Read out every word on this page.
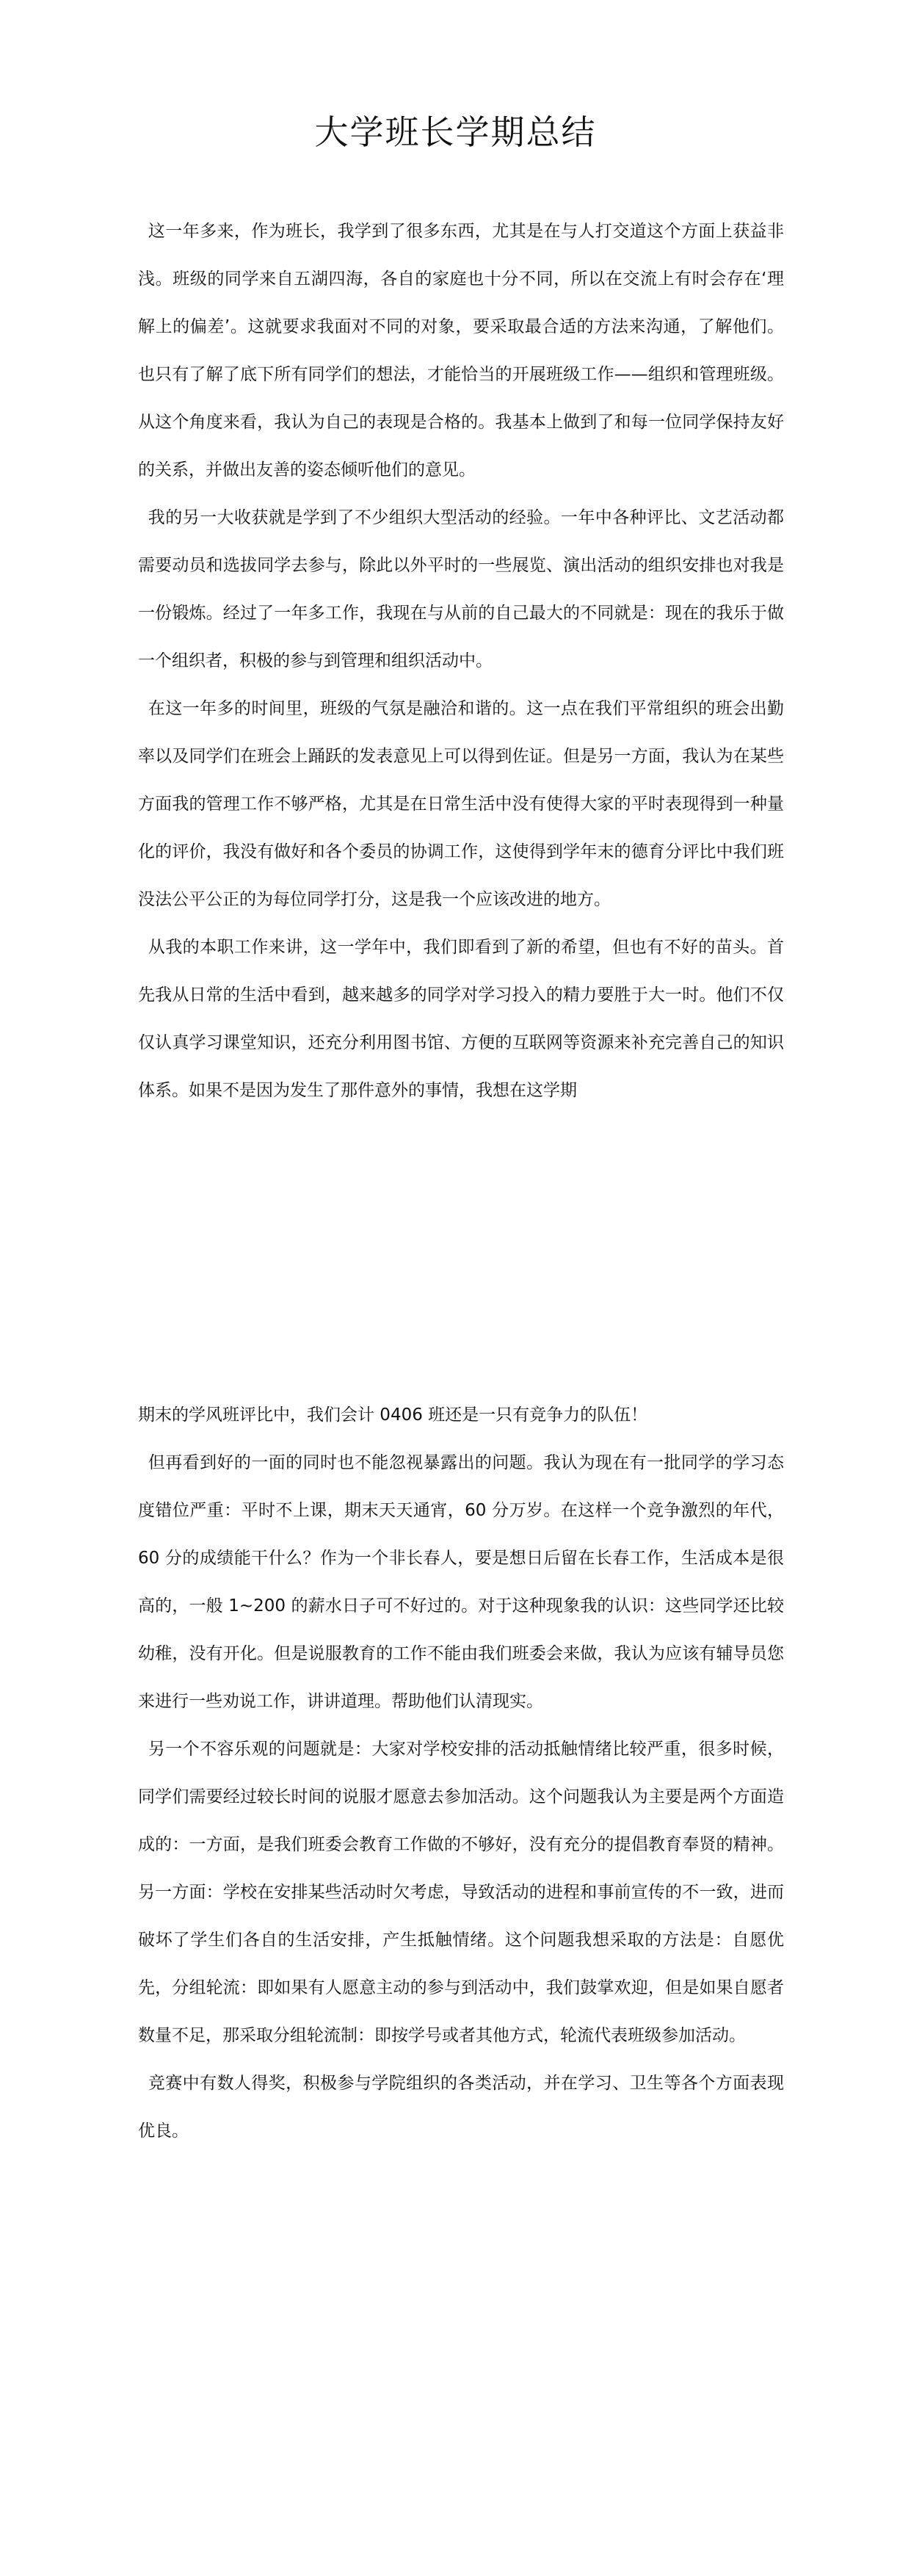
大学班长学期总结

这一年多来，作为班长，我学到了很多东西，尤其是在与人打交道这个方面上获益非浅。班级的同学来自五湖四海，各自的家庭也十分不同，所以在交流上有时会存在‘理解上的偏差’。这就要求我面对不同的对象，要采取最合适的方法来沟通，了解他们。也只有了解了底下所有同学们的想法，才能恰当的开展班级工作——组织和管理班级。从这个角度来看，我认为自己的表现是合格的。我基本上做到了和每一位同学保持友好的关系，并做出友善的姿态倾听他们的意见。

我的另一大收获就是学到了不少组织大型活动的经验。一年中各种评比、文艺活动都需要动员和选拔同学去参与，除此以外平时的一些展览、演出活动的组织安排也对我是一份锻炼。经过了一年多工作，我现在与从前的自己最大的不同就是：现在的我乐于做一个组织者，积极的参与到管理和组织活动中。

在这一年多的时间里，班级的气氛是融洽和谐的。这一点在我们平常组织的班会出勤率以及同学们在班会上踊跃的发表意见上可以得到佐证。但是另一方面，我认为在某些方面我的管理工作不够严格，尤其是在日常生活中没有使得大家的平时表现得到一种量化的评价，我没有做好和各个委员的协调工作，这使得到学年末的德育分评比中我们班没法公平公正的为每位同学打分，这是我一个应该改进的地方。

从我的本职工作来讲，这一学年中，我们即看到了新的希望，但也有不好的苗头。首先我从日常的生活中看到，越来越多的同学对学习投入的精力要胜于大一时。他们不仅仅认真学习课堂知识，还充分利用图书馆、方便的互联网等资源来补充完善自己的知识体系。如果不是因为发生了那件意外的事情，我想在这学期

期末的学风班评比中，我们会计 0406 班还是一只有竞争力的队伍！

但再看到好的一面的同时也不能忽视暴露出的问题。我认为现在有一批同学的学习态度错位严重：平时不上课，期末天天通宵，60 分万岁。在这样一个竞争激烈的年代，60 分的成绩能干什么？作为一个非长春人，要是想日后留在长春工作，生活成本是很高的，一般 1~200 的薪水日子可不好过的。对于这种现象我的认识：这些同学还比较幼稚，没有开化。但是说服教育的工作不能由我们班委会来做，我认为应该有辅导员您来进行一些劝说工作，讲讲道理。帮助他们认清现实。

另一个不容乐观的问题就是：大家对学校安排的活动抵触情绪比较严重，很多时候，同学们需要经过较长时间的说服才愿意去参加活动。这个问题我认为主要是两个方面造成的：一方面，是我们班委会教育工作做的不够好，没有充分的提倡教育奉贤的精神。另一方面：学校在安排某些活动时欠考虑，导致活动的进程和事前宣传的不一致，进而破坏了学生们各自的生活安排，产生抵触情绪。这个问题我想采取的方法是：自愿优先，分组轮流：即如果有人愿意主动的参与到活动中，我们鼓掌欢迎，但是如果自愿者数量不足，那采取分组轮流制：即按学号或者其他方式，轮流代表班级参加活动。

竞赛中有数人得奖，积极参与学院组织的各类活动，并在学习、卫生等各个方面表现优良。
